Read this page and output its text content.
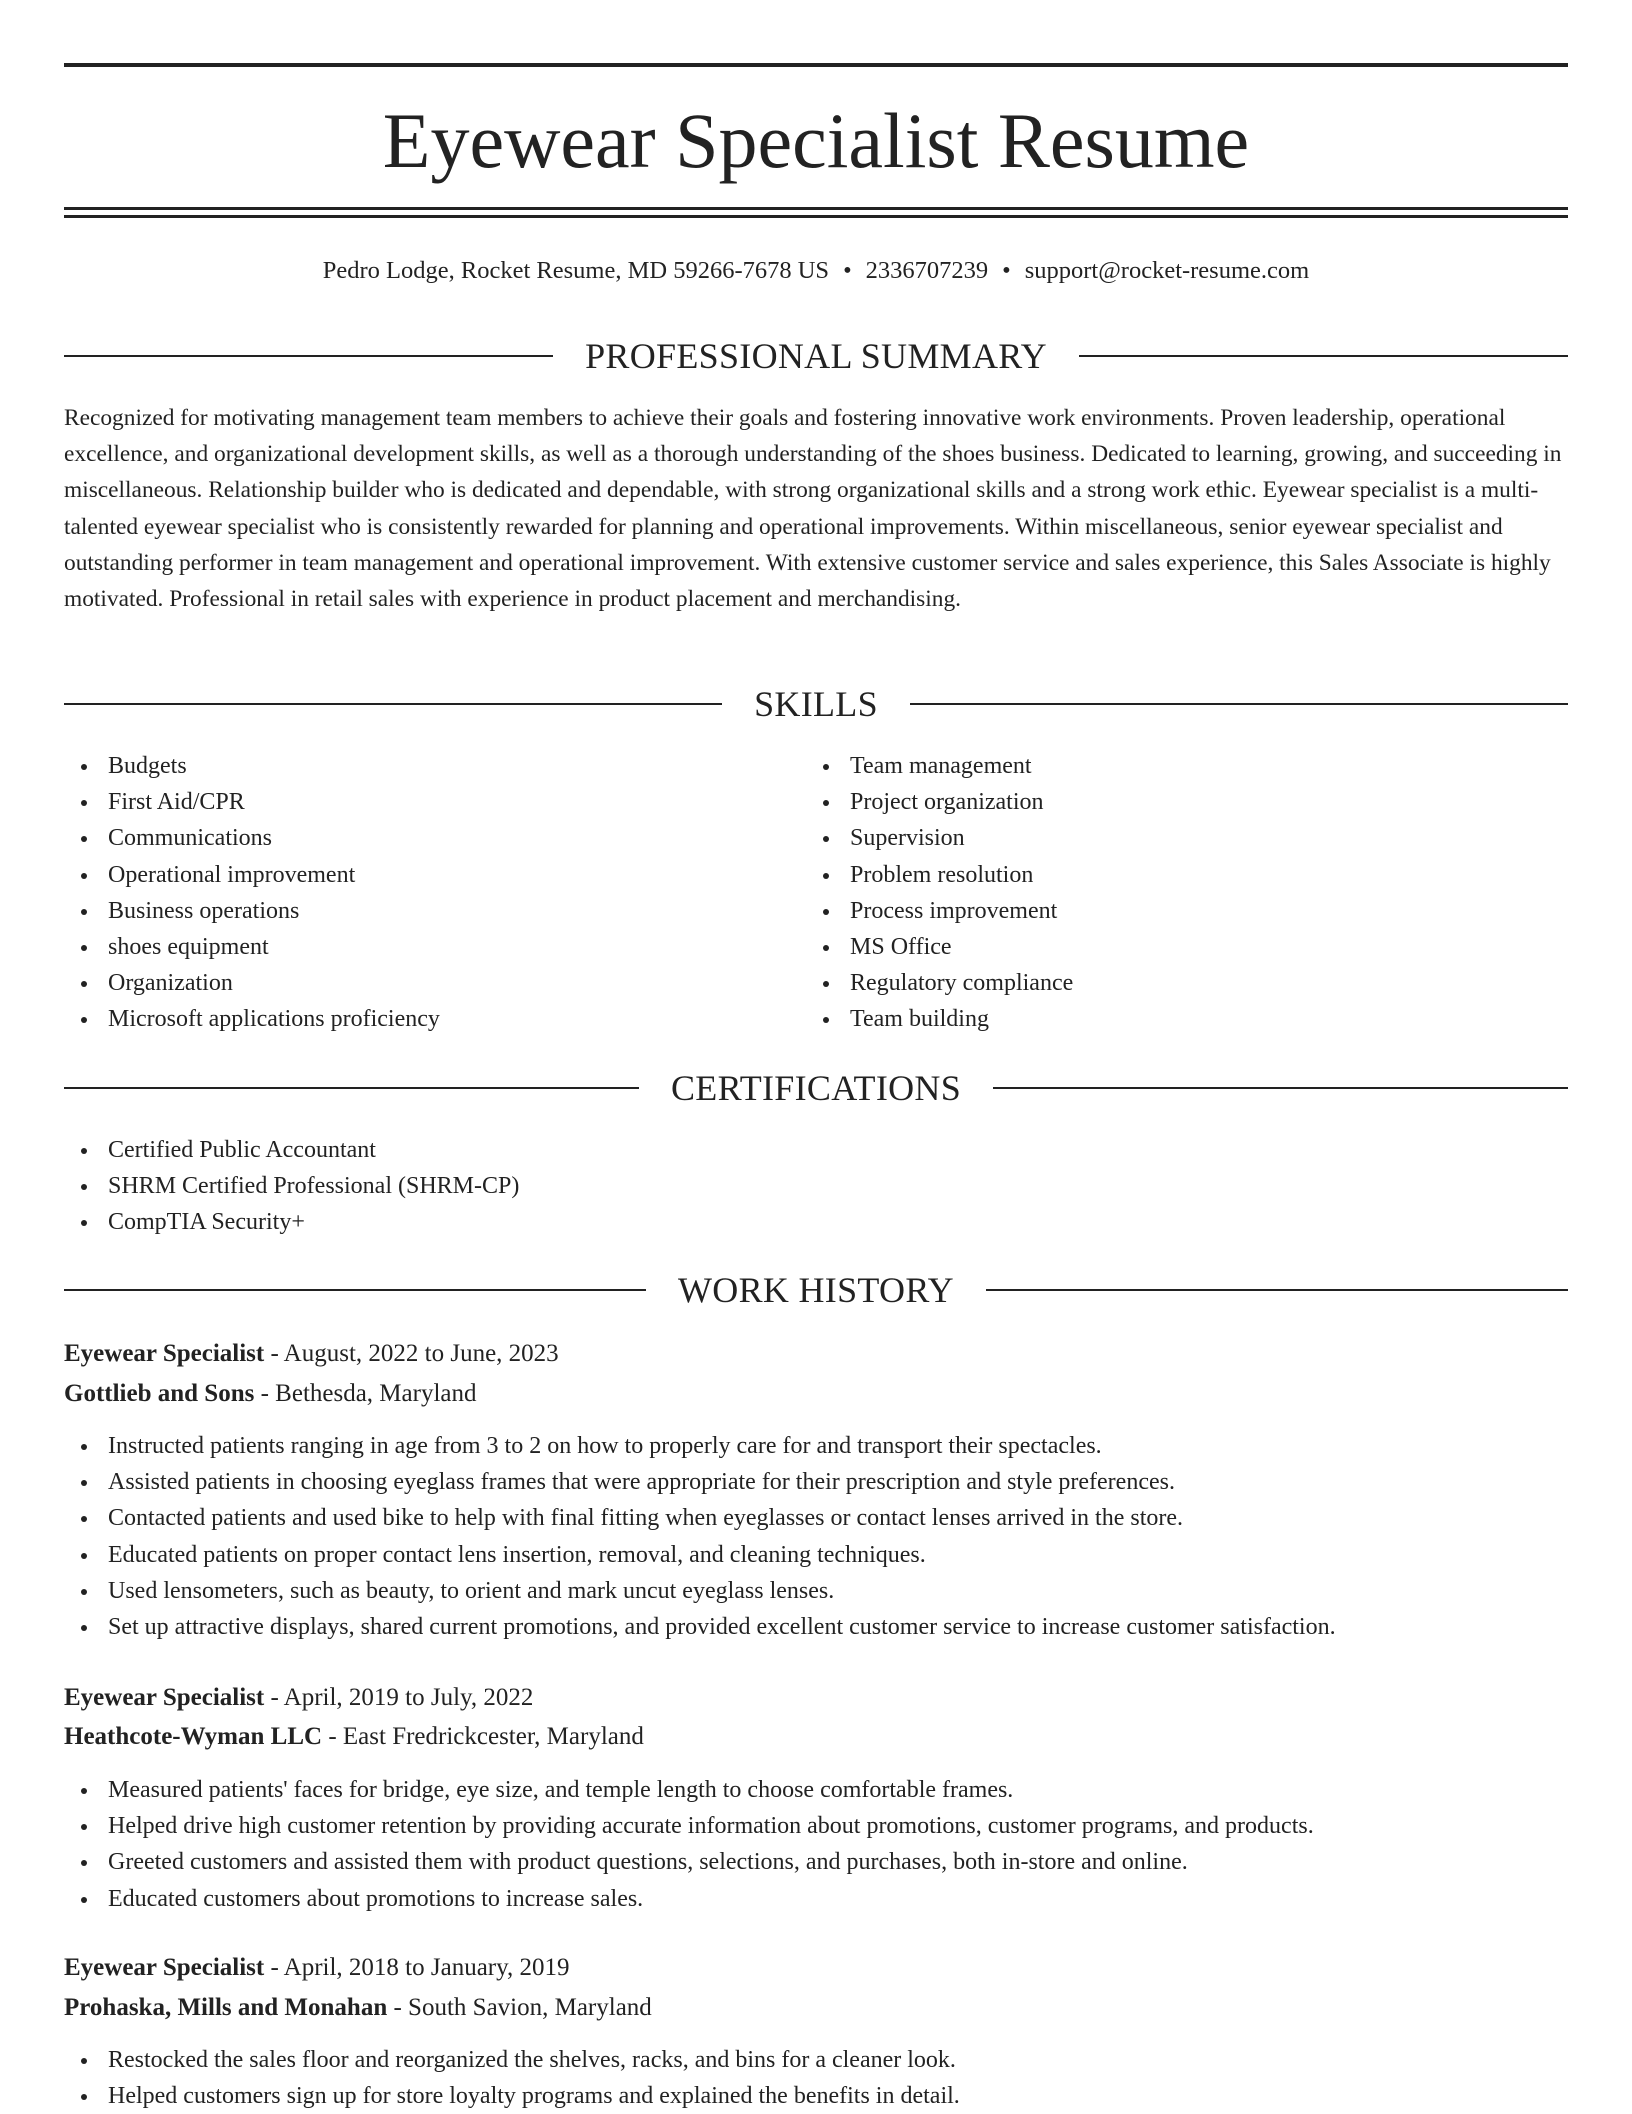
Eyewear Specialist Resume
Pedro Lodge, Rocket Resume, MD 59266-7678 US • 2336707239 • support@rocket-resume.com
PROFESSIONAL SUMMARY

Recognized for motivating management team members to achieve their goals and fostering innovative work environments. Proven leadership, operational excellence, and organizational development skills, as well as a thorough understanding of the shoes business. Dedicated to learning, growing, and succeeding in miscellaneous. Relationship builder who is dedicated and dependable, with strong organizational skills and a strong work ethic. Eyewear specialist is a multi-talented eyewear specialist who is consistently rewarded for planning and operational improvements. Within miscellaneous, senior eyewear specialist and outstanding performer in team management and operational improvement. With extensive customer service and sales experience, this Sales Associate is highly motivated. Professional in retail sales with experience in product placement and merchandising.

SKILLS
Budgets
First Aid/CPR
Communications
Operational improvement
Business operations
shoes equipment
Organization
Microsoft applications proficiency
Team management
Project organization
Supervision
Problem resolution
Process improvement
MS Office
Regulatory compliance
Team building
CERTIFICATIONS
Certified Public Accountant
SHRM Certified Professional (SHRM-CP)
CompTIA Security+
WORK HISTORY
Eyewear Specialist - August, 2022 to June, 2023
Gottlieb and Sons - Bethesda, Maryland
Instructed patients ranging in age from 3 to 2 on how to properly care for and transport their spectacles.
Assisted patients in choosing eyeglass frames that were appropriate for their prescription and style preferences.
Contacted patients and used bike to help with final fitting when eyeglasses or contact lenses arrived in the store.
Educated patients on proper contact lens insertion, removal, and cleaning techniques.
Used lensometers, such as beauty, to orient and mark uncut eyeglass lenses.
Set up attractive displays, shared current promotions, and provided excellent customer service to increase customer satisfaction.
Eyewear Specialist - April, 2019 to July, 2022
Heathcote-Wyman LLC - East Fredrickcester, Maryland
Measured patients' faces for bridge, eye size, and temple length to choose comfortable frames.
Helped drive high customer retention by providing accurate information about promotions, customer programs, and products.
Greeted customers and assisted them with product questions, selections, and purchases, both in-store and online.
Educated customers about promotions to increase sales.
Eyewear Specialist - April, 2018 to January, 2019
Prohaska, Mills and Monahan - South Savion, Maryland
Restocked the sales floor and reorganized the shelves, racks, and bins for a cleaner look.
Helped customers sign up for store loyalty programs and explained the benefits in detail.
